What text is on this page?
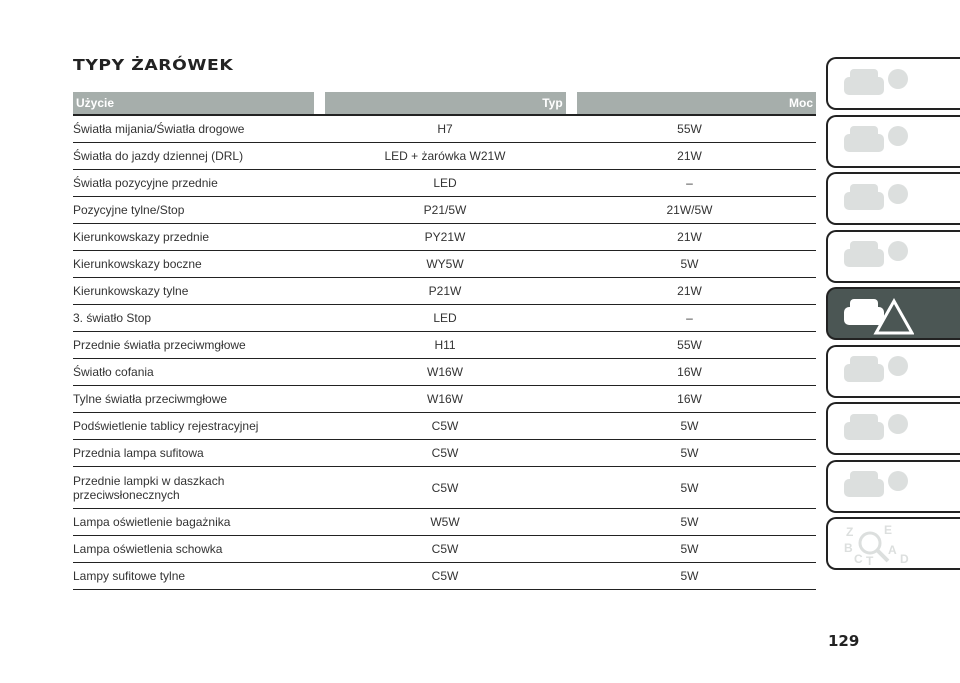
TYPY ŻARÓWEK
Użycie	Typ	Moc
Światła mijania/Światła drogowe	H7	55W
Światła do jazdy dziennej (DRL)	LED + żarówka W21W	21W
Światła pozycyjne przednie	LED	–
Pozycyjne tylne/Stop	P21/5W	21W/5W
Kierunkowskazy przednie	PY21W	21W
Kierunkowskazy boczne	WY5W	5W
Kierunkowskazy tylne	P21W	21W
3. światło Stop	LED	–
Przednie światła przeciwmgłowe	H11	55W
Światło cofania	W16W	16W
Tylne światła przeciwmgłowe	W16W	16W
Podświetlenie tablicy rejestracyjnej	C5W	5W
Przednia lampa sufitowa	C5W	5W
Przednie lampki w daszkach przeciwsłonecznych	C5W	5W
Lampa oświetlenie bagażnika	W5W	5W
Lampa oświetlenia schowka	C5W	5W
Lampy sufitowe tylne	C5W	5W
Z E B	A C T D
129
